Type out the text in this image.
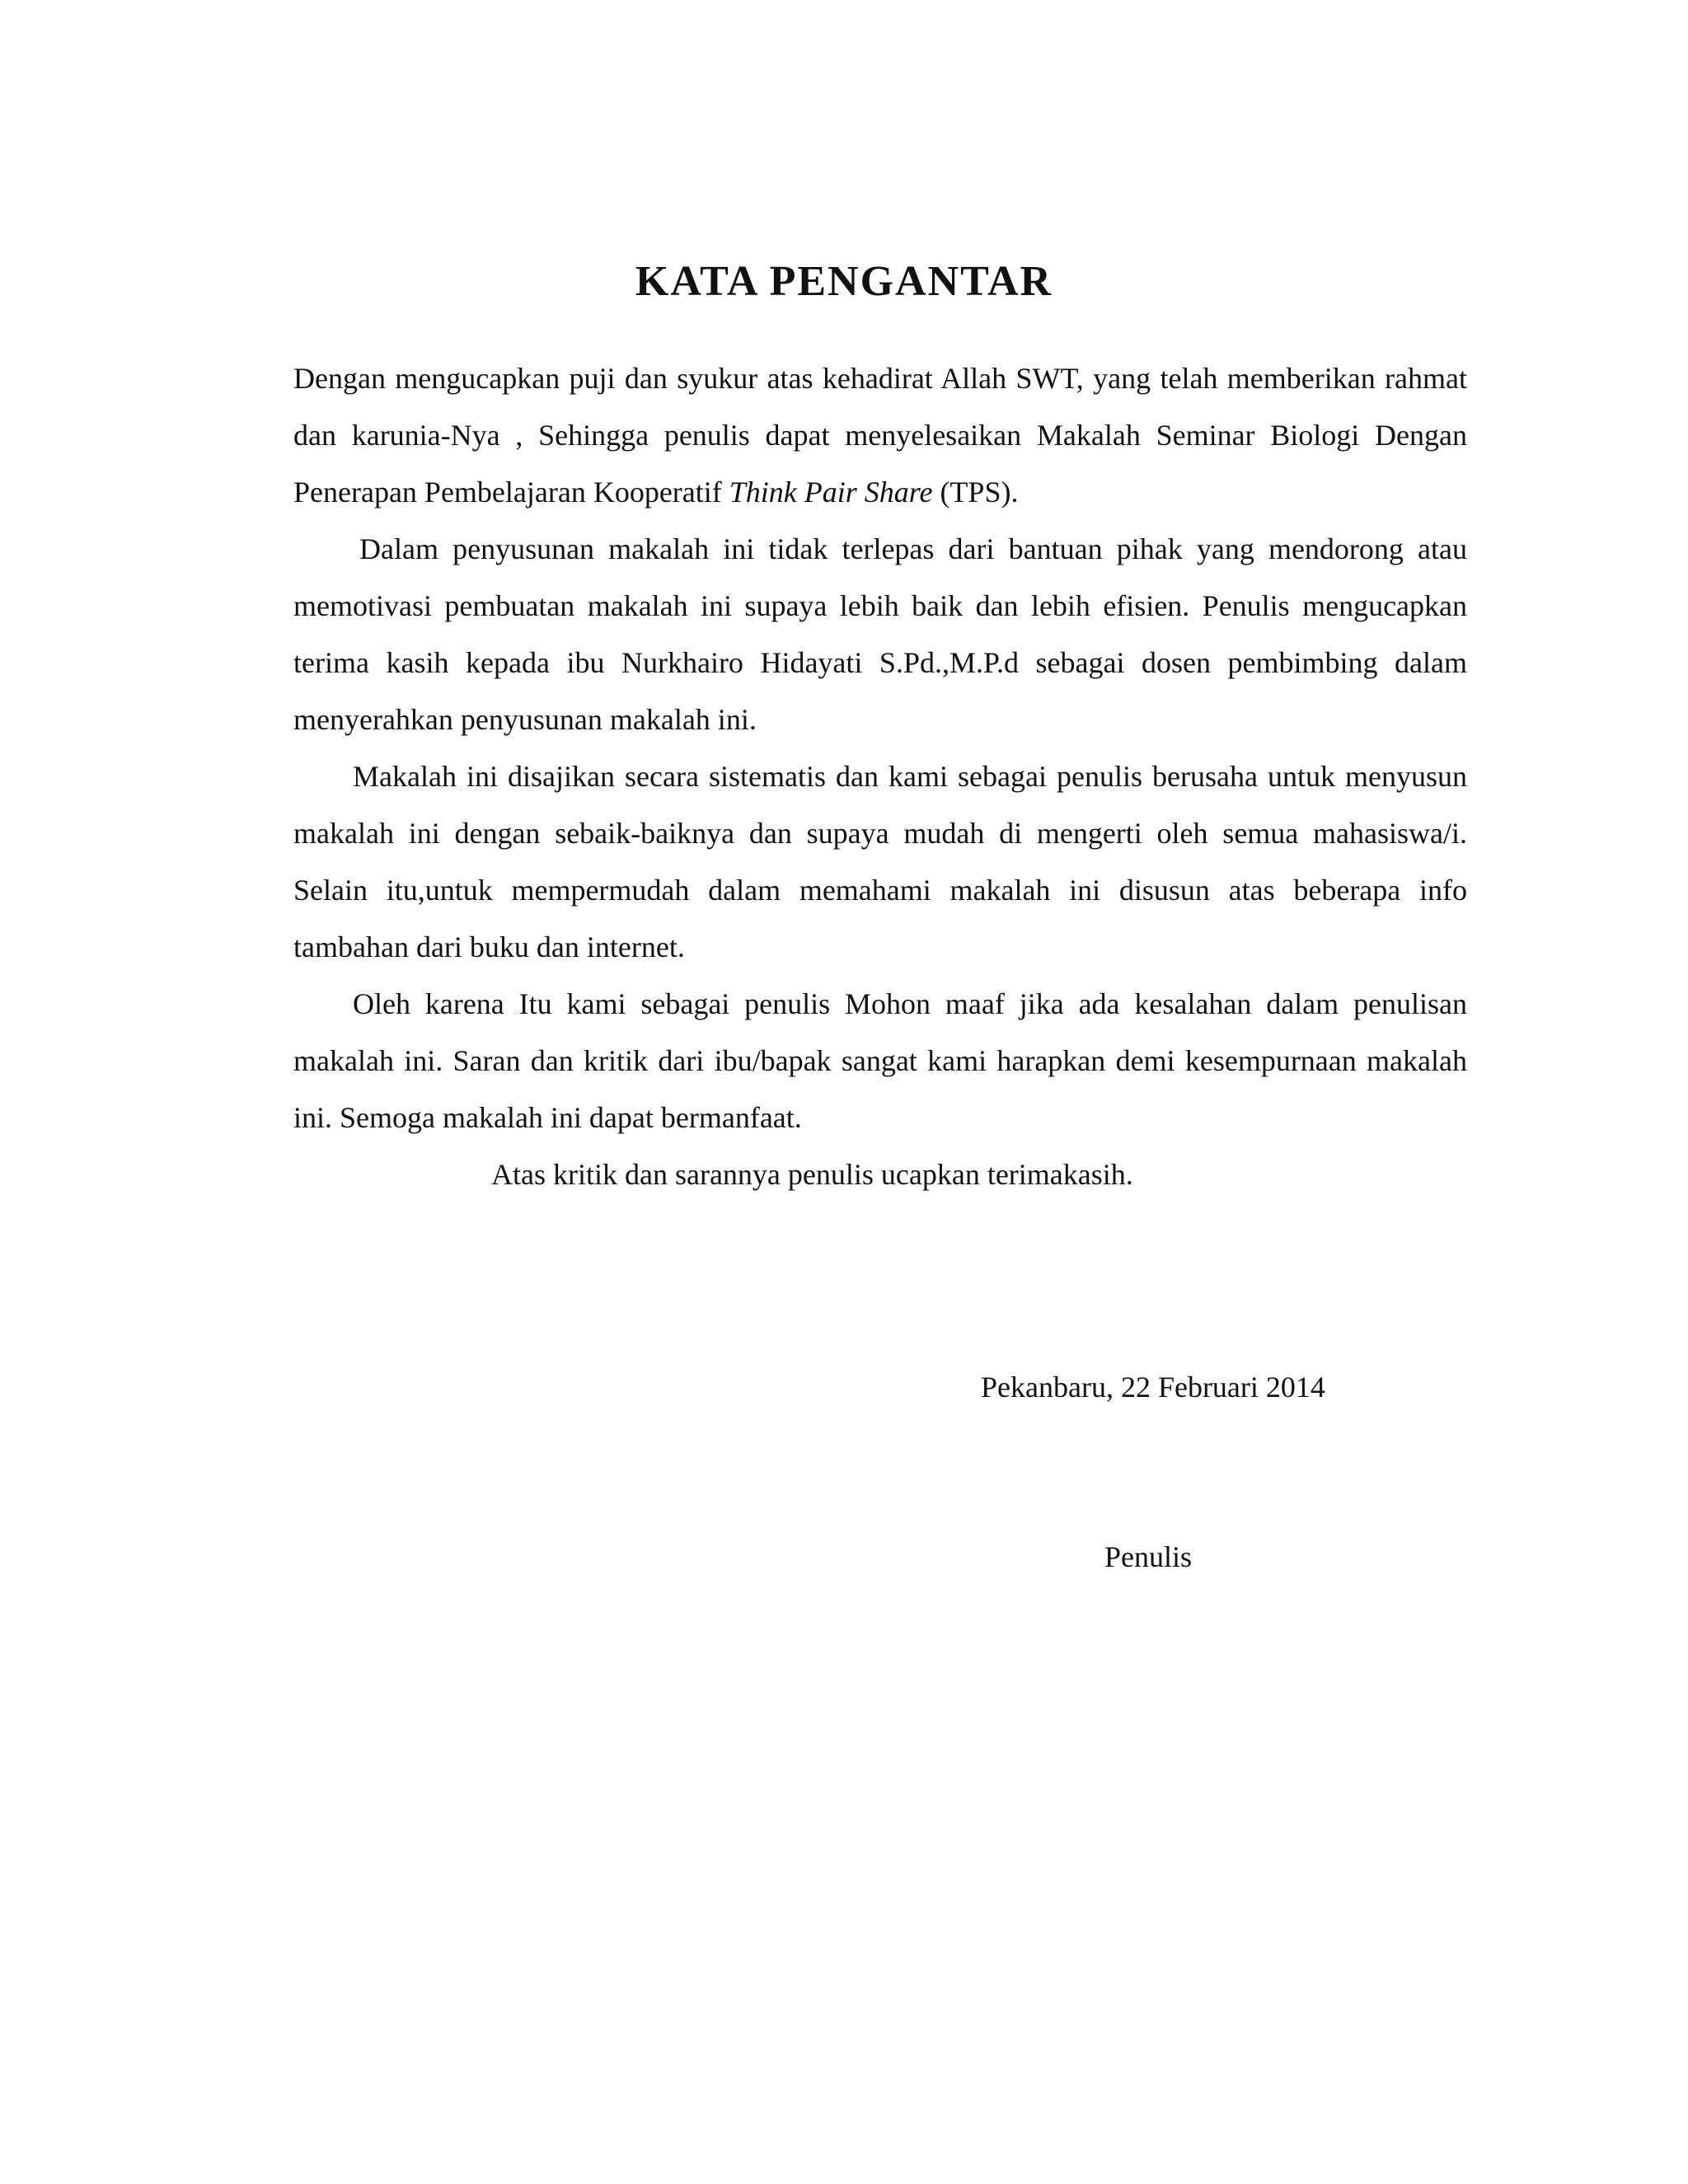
KATA PENGANTAR

Dengan mengucapkan puji dan syukur atas kehadirat Allah SWT, yang telah memberikan rahmat dan karunia-Nya , Sehingga penulis dapat menyelesaikan Makalah Seminar Biologi Dengan Penerapan Pembelajaran Kooperatif Think Pair Share (TPS).

Dalam penyusunan makalah ini tidak terlepas dari bantuan pihak yang mendorong atau memotivasi pembuatan makalah ini supaya lebih baik dan lebih efisien. Penulis mengucapkan terima kasih kepada ibu Nurkhairo Hidayati S.Pd.,M.P.d sebagai dosen pembimbing dalam menyerahkan penyusunan makalah ini.

Makalah ini disajikan secara sistematis dan kami sebagai penulis berusaha untuk menyusun makalah ini dengan sebaik-baiknya dan supaya mudah di mengerti oleh semua mahasiswa/i. Selain itu,untuk mempermudah dalam memahami makalah ini disusun atas beberapa info tambahan dari buku dan internet.

Oleh karena Itu kami sebagai penulis Mohon maaf jika ada kesalahan dalam penulisan makalah ini. Saran dan kritik dari ibu/bapak sangat kami harapkan demi kesempurnaan makalah ini. Semoga makalah ini dapat bermanfaat.

Atas kritik dan sarannya penulis ucapkan terimakasih.

Pekanbaru, 22 Februari 2014
Penulis
